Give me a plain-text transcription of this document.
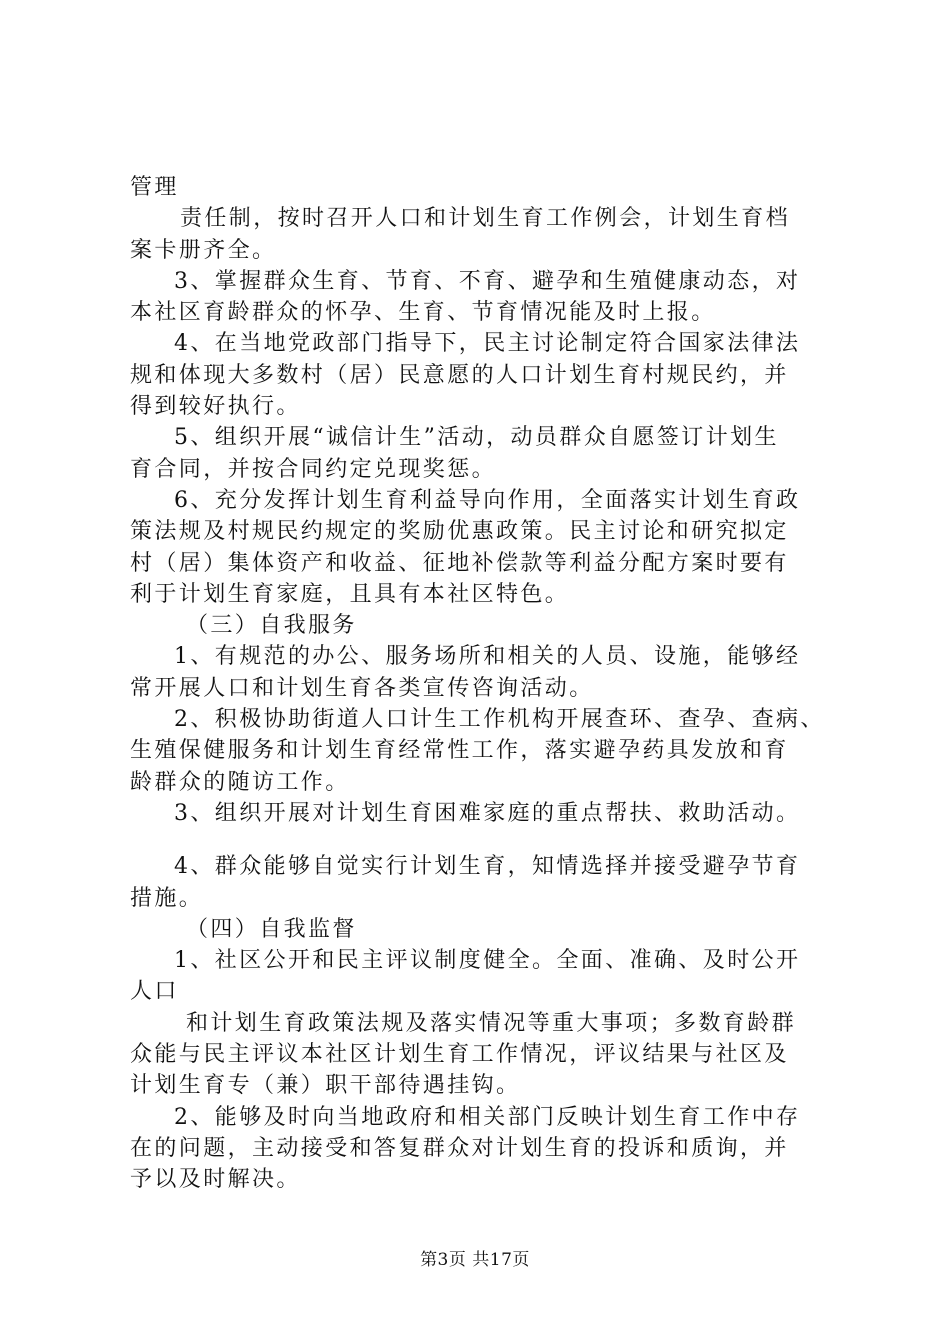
管理
责任制，按时召开人口和计划生育工作例会，计划生育档
案卡册齐全。
3、掌握群众生育、节育、不育、避孕和生殖健康动态，对
本社区育龄群众的怀孕、生育、节育情况能及时上报。
4、在当地党政部门指导下，民主讨论制定符合国家法律法
规和体现大多数村（居）民意愿的人口计划生育村规民约，并
得到较好执行。
5、组织开展“诚信计生”活动，动员群众自愿签订计划生
育合同，并按合同约定兑现奖惩。
6、充分发挥计划生育利益导向作用，全面落实计划生育政
策法规及村规民约规定的奖励优惠政策。民主讨论和研究拟定
村（居）集体资产和收益、征地补偿款等利益分配方案时要有
利于计划生育家庭，且具有本社区特色。
（三）自我服务
1、有规范的办公、服务场所和相关的人员、设施，能够经
常开展人口和计划生育各类宣传咨询活动。
2、积极协助街道人口计生工作机构开展查环、查孕、查病、
生殖保健服务和计划生育经常性工作，落实避孕药具发放和育
龄群众的随访工作。
3、组织开展对计划生育困难家庭的重点帮扶、救助活动。
4、群众能够自觉实行计划生育，知情选择并接受避孕节育
措施。
（四）自我监督
1、社区公开和民主评议制度健全。全面、准确、及时公开
人口
和计划生育政策法规及落实情况等重大事项；多数育龄群
众能与民主评议本社区计划生育工作情况，评议结果与社区及
计划生育专（兼）职干部待遇挂钩。
2、能够及时向当地政府和相关部门反映计划生育工作中存
在的问题，主动接受和答复群众对计划生育的投诉和质询，并
予以及时解决。
第3页 共17页
